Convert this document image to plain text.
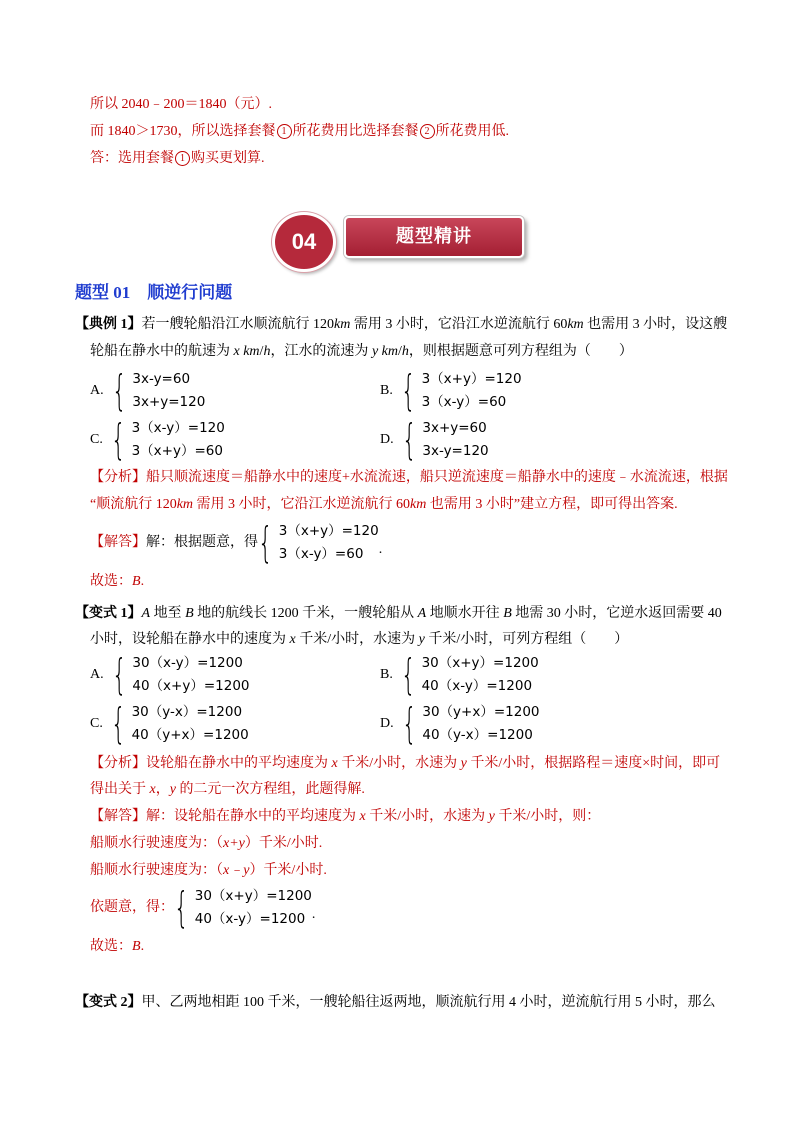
所以 2040﹣200＝1840（元）.
而 1840＞1730，所以选择套餐 1 所花费用比选择套餐 2 所花费用低.
答：选用套餐 1 购买更划算.
04	题型精讲
题型 01　顺逆行问题
【典例 1】若一艘轮船沿江水顺流航行 120km 需用 3 小时，它沿江水逆流航行 60km 也需用 3 小时，设这艘
轮船在静水中的航速为 x km/h，江水的流速为 y km/h，则根据题意可列方程组为（　　）
A. { 3x-y=60
3x+y=120
B. { 3（x+y）=120
3（x-y）=60
C. { 3（x-y）=120
3（x+y）=60
D. { 3x+y=60
3x-y=120
【分析】船只顺流速度＝船静水中的速度+水流流速，船只逆流速度＝船静水中的速度﹣水流流速，根据
“顺流航行 120km 需用 3 小时，它沿江水逆流航行 60km 也需用 3 小时”建立方程，即可得出答案.
【解答】 解：根据题意，得 { 3（x+y）=120
3（x-y）=60	.
故选：B.
【变式 1】A 地至 B 地的航线长 1200 千米，一艘轮船从 A 地顺水开往 B 地需 30 小时，它逆水返回需要 40
小时，设轮船在静水中的速度为 x 千米/小时，水速为 y 千米/小时，可列方程组（　　）
A. { 30（x-y）=1200
40（x+y）=1200
B. { 30（x+y）=1200
40（x-y）=1200
C. { 30（y-x）=1200
40（y+x）=1200
D. { 30（y+x）=1200
40（y-x）=1200
【分析】设轮船在静水中的平均速度为 x 千米/小时，水速为 y 千米/小时，根据路程＝速度×时间，即可
得出关于 x，y 的二元一次方程组，此题得解.
【解答】解：设轮船在静水中的平均速度为 x 千米/小时，水速为 y 千米/小时，则：
船顺水行驶速度为：（x+y）千米/小时.
船顺水行驶速度为：（x﹣y）千米/小时.
依题意，得： { 30（x+y）=1200
40（x-y）=1200 .
故选：B.
【变式 2】甲、乙两地相距 100 千米，一艘轮船往返两地，顺流航行用 4 小时，逆流航行用 5 小时，那么
